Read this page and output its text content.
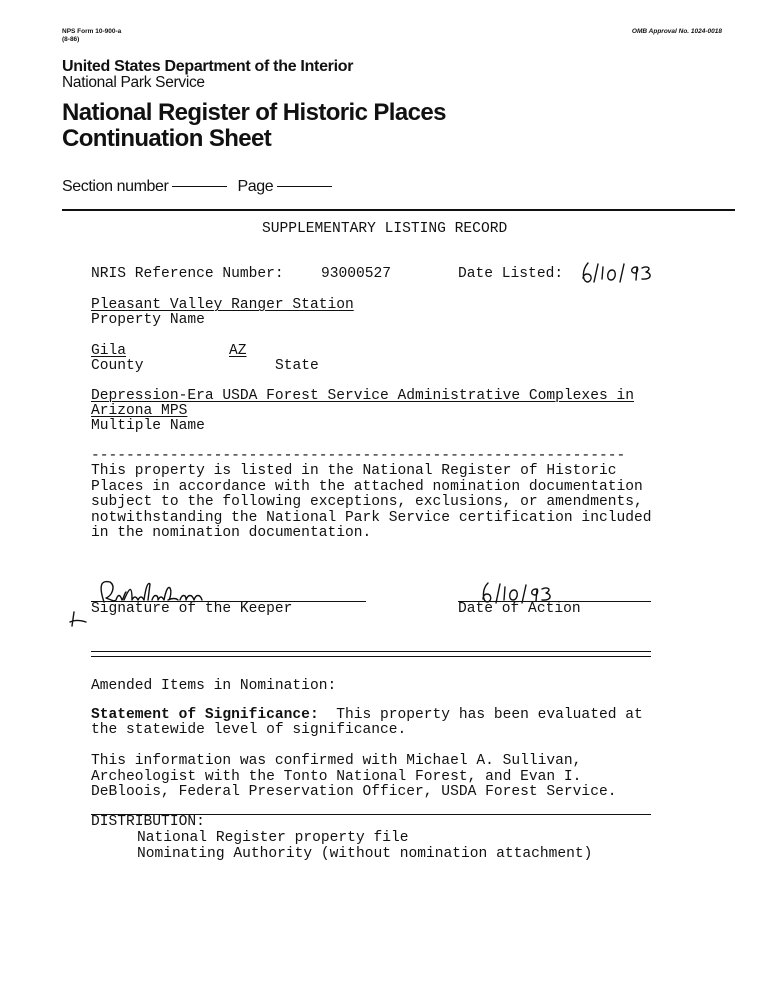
NPS Form 10-900-a
(8-86)
OMB Approval No. 1024-0018
United States Department of the Interior
National Park Service
National Register of Historic Places
Continuation Sheet
Section number	Page
SUPPLEMENTARY LISTING RECORD
NRIS Reference Number:	93000527	Date Listed:
Pleasant Valley Ranger Station
Property Name
Gila	AZ
County	State
Depression-Era USDA Forest Service Administrative Complexes in
Arizona MPS
Multiple Name
-------------------------------------------------------------
This property is listed in the National Register of Historic
Places in accordance with the attached nomination documentation
subject to the following exceptions, exclusions, or amendments,
notwithstanding the National Park Service certification included
in the nomination documentation.
Signature of the Keeper	Date of Action
Amended Items in Nomination:
Statement of Significance: This property has been evaluated at
the statewide level of significance.
This information was confirmed with Michael A. Sullivan,
Archeologist with the Tonto National Forest, and Evan I.
DeBloois, Federal Preservation Officer, USDA Forest Service.
DISTRIBUTION:
National Register property file
Nominating Authority (without nomination attachment)
